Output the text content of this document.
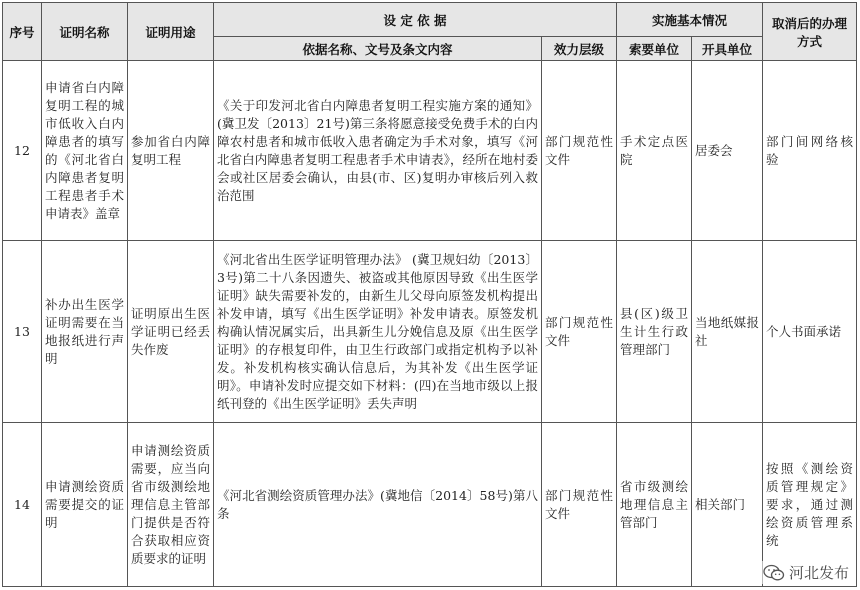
序号	证明名称	证明用途	设 定 依 据		实施基本情况		取消后的办理方式
			依据名称、文号及条文内容	效力层级	索要单位	开具单位	
12	申请省白内障复明工程的城市低收入白内障患者的填写的《河北省白内障患者复明工程患者手术申请表》盖章	参加省白内障复明工程	《关于印发河北省白内障患者复明工程实施方案的通知》(冀卫发〔2013〕21号)第三条将愿意接受免费手术的白内障农村患者和城市低收入患者确定为手术对象，填写《河北省白内障患者复明工程患者手术申请表》，经所在地村委会或社区居委会确认，由县(市、区)复明办审核后列入救治范围	部门规范性文件	手术定点医院	居委会	部门间网络核验
13	补办出生医学证明需要在当地报纸进行声明	证明原出生医学证明已经丢失作废	《河北省出生医学证明管理办法》 (冀卫规妇幼〔2013〕3号)第二十八条因遗失、被盗或其他原因导致《出生医学证明》缺失需要补发的，由新生儿父母向原签发机构提出补发申请，填写《出生医学证明》补发申请表。原签发机构确认情况属实后，出具新生儿分娩信息及原《出生医学证明》的存根复印件，由卫生行政部门或指定机构予以补发。补发机构核实确认信息后，为其补发《出生医学证明》。申请补发时应提交如下材料：(四)在当地市级以上报纸刊登的《出生医学证明》丢失声明	部门规范性文件	县(区)级卫生计生行政管理部门	当地纸媒报社	个人书面承诺
14	申请测绘资质需要提交的证明	申请测绘资质需要，应当向省市级测绘地理信息主管部门提供是否符合获取相应资质要求的证明	《河北省测绘资质管理办法》(冀地信〔2014〕58号)第八条	部门规范性文件	省市级测绘地理信息主管部门	相关部门	按照《测绘资质管理规定》要求，通过测绘资质管理系统
河北发布
